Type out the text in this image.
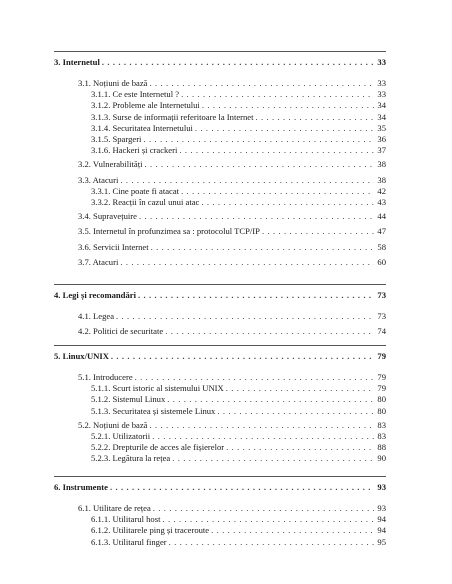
3. Internetul . . .	33
3.1. Noțiuni de bază . . .	33
3.1.1. Ce este Internetul ? . . .	33
3.1.2. Probleme ale Internetului . . .	34
3.1.3. Surse de informații referitoare la Internet . . .	34
3.1.4. Securitatea Internetului . . .	35
3.1.5. Spargeri . . .	36
3.1.6. Hackeri și crackeri . . .	37
3.2. Vulnerabilități . . .	38
3.3. Atacuri . . .	38
3.3.1. Cine poate fi atacat . . .	42
3.3.2. Reacții în cazul unui atac . . .	43
3.4. Supravețuire . . .	44
3.5. Internetul în profunzimea sa : protocolul TCP/IP . . .	47
3.6. Servicii Internet . . .	58
3.7. Atacuri . . .	60
4. Legi și recomandări . . .	73
4.1. Legea . . .	73
4.2. Politici de securitate . . .	74
5. Linux/UNIX . . .	79
5.1. Introducere . . .	79
5.1.1. Scurt istoric al sistemului UNIX . . .	79
5.1.2. Sistemul Linux . . .	80
5.1.3. Securitatea și sistemele Linux . . .	80
5.2. Noțiuni de bază . . .	83
5.2.1. Utilizatorii . . .	83
5.2.2. Drepturile de acces ale fișierelor . . .	88
5.2.3. Legătura la rețea . . .	90
6. Instrumente . . .	93
6.1. Utilitare de rețea . . .	93
6.1.1. Utilitarul host . . .	94
6.1.2. Utilitarele ping și traceroute . . .	94
6.1.3. Utilitarul finger . . .	95
